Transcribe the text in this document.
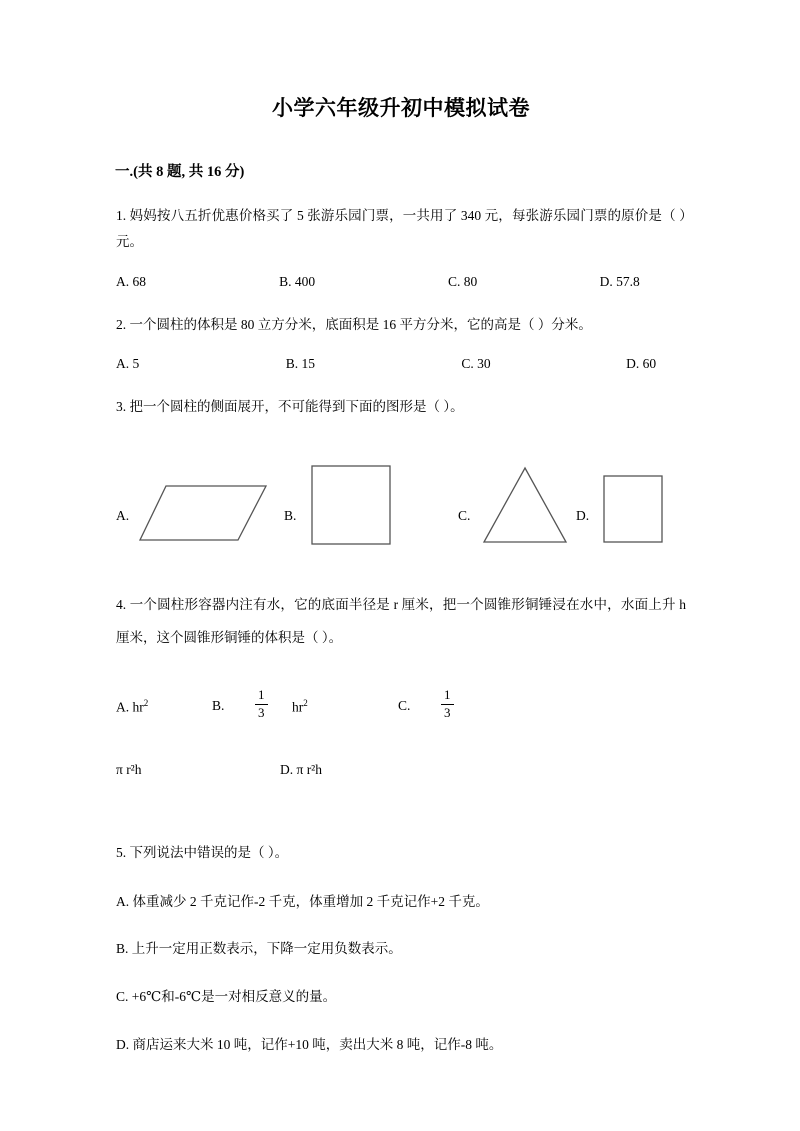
小学六年级升初中模拟试卷
一.(共 8 题, 共 16 分)
1. 妈妈按八五折优惠价格买了 5 张游乐园门票，一共用了 340 元，每张游乐园门票的原价是（ ）元。
A. 68	B. 400	C. 80	D. 57.8
2. 一个圆柱的体积是 80 立方分米，底面积是 16 平方分米，它的高是（ ）分米。
A. 5	B. 15	C. 30	D. 60
3. 把一个圆柱的侧面展开，不可能得到下面的图形是（ ）。
A.	B.	C.	D.
4. 一个圆柱形容器内注有水，它的底面半径是 r 厘米，把一个圆锥形铜锤浸在水中，水面上升 h 厘米，这个圆锥形铜锤的体积是（ ）。
A. $hr^2$	B. $\frac{1}{3} hr^2$	C. $\frac{1}{3}$
π r²h	D. π r²h
5. 下列说法中错误的是（ ）。
A. 体重减少 2 千克记作-2 千克，体重增加 2 千克记作+2 千克。
B. 上升一定用正数表示，下降一定用负数表示。
C. +6℃和-6℃是一对相反意义的量。
D. 商店运来大米 10 吨，记作+10 吨，卖出大米 8 吨，记作-8 吨。
